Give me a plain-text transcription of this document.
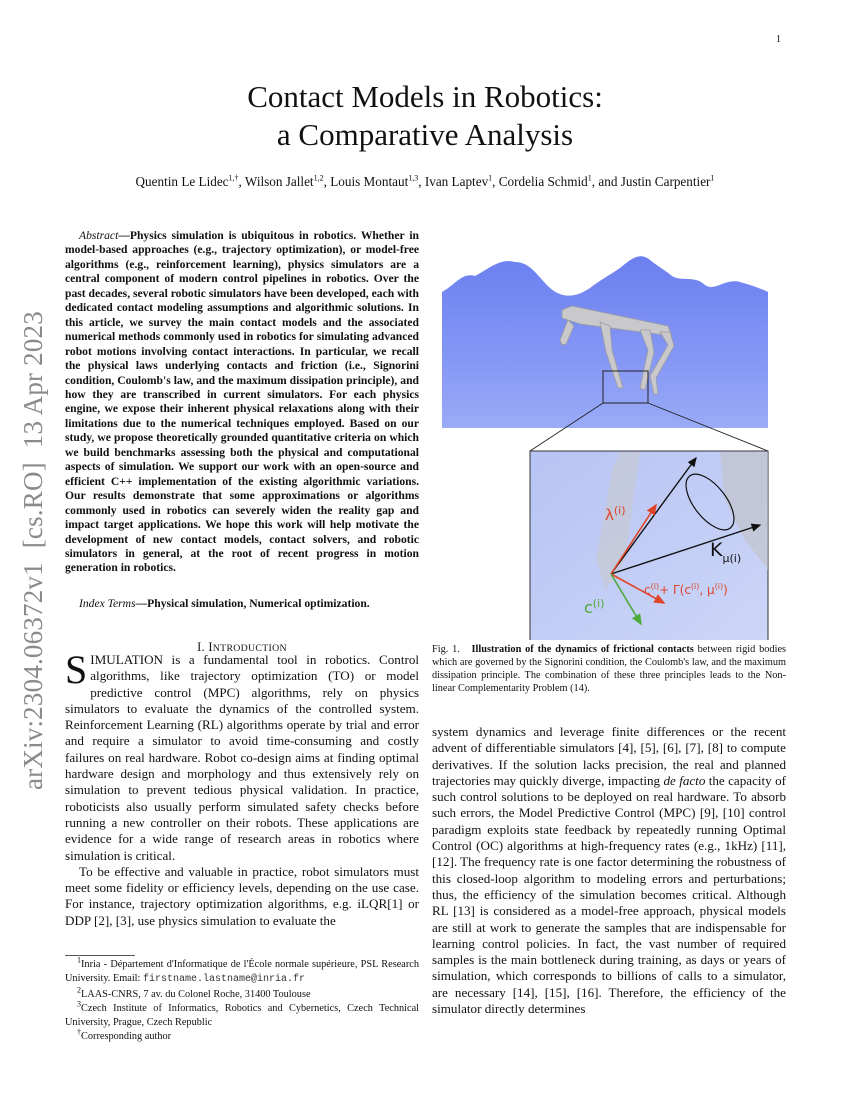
1
Contact Models in Robotics:
a Comparative Analysis
Quentin Le Lidec$^{1,\dagger}$, Wilson Jallet$^{1,2}$, Louis Montaut$^{1,3}$, Ivan Laptev$^1$, Cordelia Schmid$^1$, and Justin Carpentier$^1$
arXiv:2304.06372v1  [cs.RO]  13 Apr 2023
Abstract—Physics simulation is ubiquitous in robotics. Whether in model-based approaches (e.g., trajectory optimization), or model-free algorithms (e.g., reinforcement learning), physics simulators are a central component of modern control pipelines in robotics. Over the past decades, several robotic simulators have been developed, each with dedicated contact modeling assumptions and algorithmic solutions. In this article, we survey the main contact models and the associated numerical methods commonly used in robotics for simulating advanced robot motions involving contact interactions. In particular, we recall the physical laws underlying contacts and friction (i.e., Signorini condition, Coulomb's law, and the maximum dissipation principle), and how they are transcribed in current simulators. For each physics engine, we expose their inherent physical relaxations along with their limitations due to the numerical techniques employed. Based on our study, we propose theoretically grounded quantitative criteria on which we build benchmarks assessing both the physical and computational aspects of simulation. We support our work with an open-source and efficient C++ implementation of the existing algorithmic variations. Our results demonstrate that some approximations or algorithms commonly used in robotics can severely widen the reality gap and impact target applications. We hope this work will help motivate the development of new contact models, contact solvers, and robotic simulators in general, at the root of recent progress in motion generation in robotics.
Index Terms—Physical simulation, Numerical optimization.
I. INTRODUCTION

SIMULATION is a fundamental tool in robotics. Control algorithms, like trajectory optimization (TO) or model predictive control (MPC) algorithms, rely on physics simulators to evaluate the dynamics of the controlled system. Reinforcement Learning (RL) algorithms operate by trial and error and require a simulator to avoid time-consuming and costly failures on real hardware. Robot co-design aims at finding optimal hardware design and morphology and thus extensively rely on simulation to prevent tedious physical validation. In practice, roboticists also usually perform simulated safety checks before running a new controller on their robots. These applications are evidence for a wide range of research areas in robotics where simulation is critical.

To be effective and valuable in practice, robot simulators must meet some fidelity or efficiency levels, depending on the use case. For instance, trajectory optimization algorithms, e.g. iLQR[1] or DDP [2], [3], use physics simulation to evaluate the

$^1$Inria - Département d'Informatique de l'École normale supérieure, PSL Research University. Email: firstname.lastname@inria.fr

$^2$LAAS-CNRS, 7 av. du Colonel Roche, 31400 Toulouse

$^3$Czech Institute of Informatics, Robotics and Cybernetics, Czech Technical University, Prague, Czech Republic

†Corresponding author

$\lambda^{(i)}$
$K_\mu(i)$
$c^{(i)}+ \Gamma(c^{(i)}$, $\mu^{(i)}$)
$c^{(i)}$
Fig. 1. Illustration of the dynamics of frictional contacts between rigid bodies which are governed by the Signorini condition, the Coulomb's law, and the maximum dissipation principle. The combination of these three principles leads to the Non-linear Complementarity Problem (14).

system dynamics and leverage finite differences or the recent advent of differentiable simulators [4], [5], [6], [7], [8] to compute derivatives. If the solution lacks precision, the real and planned trajectories may quickly diverge, impacting de facto the capacity of such control solutions to be deployed on real hardware. To absorb such errors, the Model Predictive Control (MPC) [9], [10] control paradigm exploits state feedback by repeatedly running Optimal Control (OC) algorithms at high-frequency rates (e.g., 1kHz) [11], [12]. The frequency rate is one factor determining the robustness of this closed-loop algorithm to modeling errors and perturbations; thus, the efficiency of the simulation becomes critical. Although RL [13] is considered as a model-free approach, physical models are still at work to generate the samples that are indispensable for learning control policies. In fact, the vast number of required samples is the main bottleneck during training, as days or years of simulation, which corresponds to billions of calls to a simulator, are necessary [14], [15], [16]. Therefore, the efficiency of the simulator directly determines
